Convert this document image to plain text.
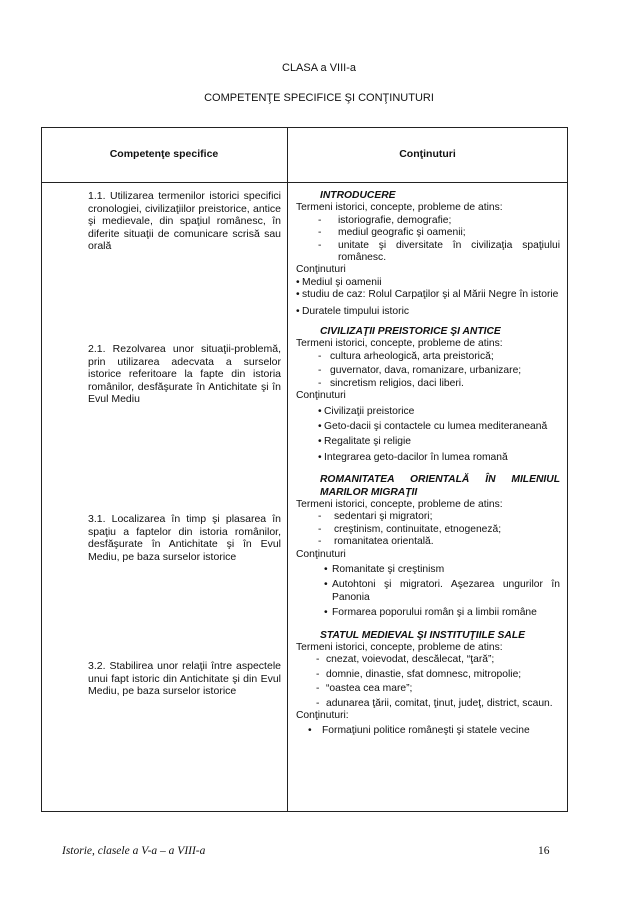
CLASA a VIII-a
COMPETENŢE SPECIFICE ŞI CONŢINUTURI
Competenţe specifice	Conţinuturi
1.1. Utilizarea termenilor istorici specifici cronologiei, civilizaţiilor preistorice, antice şi medievale, din spaţiul românesc, în diferite situaţii de comunicare scrisă sau orală
2.1. Rezolvarea unor situaţii-problemă, prin utilizarea adecvata a surselor istorice referitoare la fapte din istoria românilor, desfăşurate în Antichitate şi în Evul Mediu
3.1. Localizarea în timp şi plasarea în spaţiu a faptelor din istoria românilor, desfăşurate în Antichitate şi în Evul Mediu, pe baza surselor istorice
3.2. Stabilirea unor relaţii între aspectele unui fapt istoric din Antichitate şi din Evul Mediu, pe baza surselor istorice
INTRODUCERE
Termeni istorici, concepte, probleme de atins:
- istoriografie, demografie;
- mediul geografic şi oamenii;
- unitate şi diversitate în civilizaţia spaţiului românesc.
Conţinuturi
• Mediul şi oamenii
• studiu de caz: Rolul Carpaţilor şi al Mării Negre în istorie
• Duratele timpului istoric
CIVILIZAŢII PREISTORICE ŞI ANTICE
Termeni istorici, concepte, probleme de atins:
- cultura arheologică, arta preistorică;
- guvernator, dava, romanizare, urbanizare;
- sincretism religios, daci liberi.
Conţinuturi
• Civilizaţii preistorice
• Geto-dacii şi contactele cu lumea mediteraneană
• Regalitate şi religie
• Integrarea geto-dacilor în lumea romană
ROMANITATEA ORIENTALĂ ÎN MILENIUL MARILOR MIGRAŢII
Termeni istorici, concepte, probleme de atins:
- sedentari şi migratori;
- creştinism, continuitate, etnogeneză;
- romanitatea orientală.
Conţinuturi
• Romanitate şi creştinism
• Autohtoni şi migratori. Aşezarea ungurilor în Panonia
• Formarea poporului român şi a limbii române
STATUL MEDIEVAL ŞI INSTITUŢIILE SALE
Termeni istorici, concepte, probleme de atins:
- cnezat, voievodat, descălecat, “ţară”;
- domnie, dinastie, sfat domnesc, mitropolie;
- “oastea cea mare”;
- adunarea ţării, comitat, ţinut, judeţ, district, scaun.
Conţinuturi:
• Formaţiuni politice româneşti şi statele vecine
Istorie, clasele a V-a – a VIII-a	16
